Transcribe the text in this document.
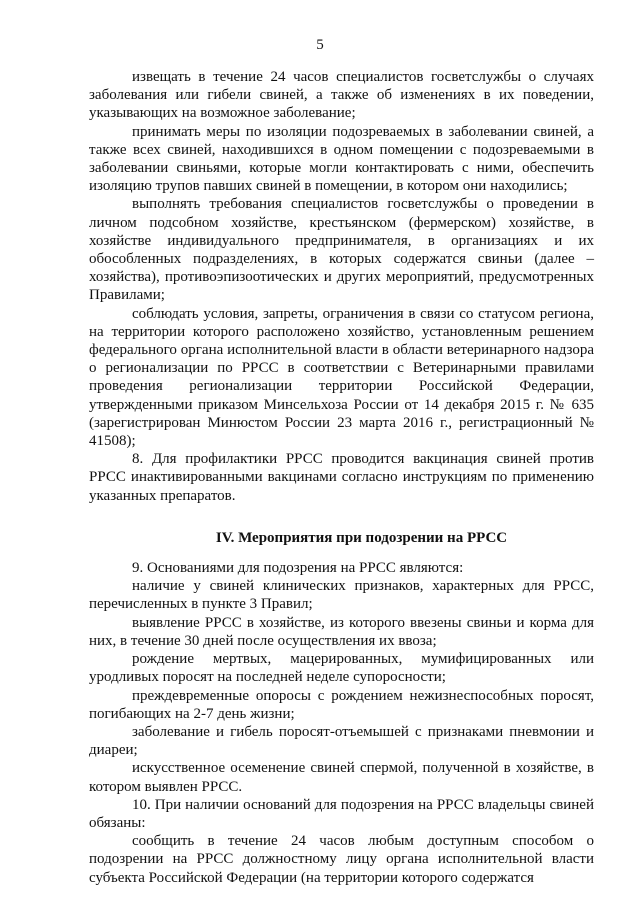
5

извещать в течение 24 часов специалистов госветслужбы о случаях заболевания или гибели свиней, а также об изменениях в их поведении, указывающих на возможное заболевание;

принимать меры по изоляции подозреваемых в заболевании свиней, а также всех свиней, находившихся в одном помещении с подозреваемыми в заболевании свиньями, которые могли контактировать с ними, обеспечить изоляцию трупов павших свиней в помещении, в котором они находились;

выполнять требования специалистов госветслужбы о проведении в личном подсобном хозяйстве, крестьянском (фермерском) хозяйстве, в хозяйстве индивидуального предпринимателя, в организациях и их обособленных подразделениях, в которых содержатся свиньи (далее – хозяйства), противоэпизоотических и других мероприятий, предусмотренных Правилами;

соблюдать условия, запреты, ограничения в связи со статусом региона, на территории которого расположено хозяйство, установленным решением федерального органа исполнительной власти в области ветеринарного надзора о регионализации по РРСС в соответствии с Ветеринарными правилами проведения регионализации территории Российской Федерации, утвержденными приказом Минсельхоза России от 14 декабря 2015 г. № 635 (зарегистрирован Минюстом России 23 марта 2016 г., регистрационный № 41508);

8. Для профилактики РРСС проводится вакцинация свиней против РРСС инактивированными вакцинами согласно инструкциям по применению указанных препаратов.

IV. Мероприятия при подозрении на РРСС

9. Основаниями для подозрения на РРСС являются:

наличие у свиней клинических признаков, характерных для РРСС, перечисленных в пункте 3 Правил;

выявление РРСС в хозяйстве, из которого ввезены свиньи и корма для них, в течение 30 дней после осуществления их ввоза;

рождение мертвых, мацерированных, мумифицированных или уродливых поросят на последней неделе супоросности;

преждевременные опоросы с рождением нежизнеспособных поросят, погибающих на 2-7 день жизни;

заболевание и гибель поросят-отъемышей с признаками пневмонии и диареи;

искусственное осеменение свиней спермой, полученной в хозяйстве, в котором выявлен РРСС.

10. При наличии оснований для подозрения на РРСС владельцы свиней обязаны:

сообщить в течение 24 часов любым доступным способом о подозрении на РРСС должностному лицу органа исполнительной власти субъекта Российской Федерации (на территории которого содержатся
